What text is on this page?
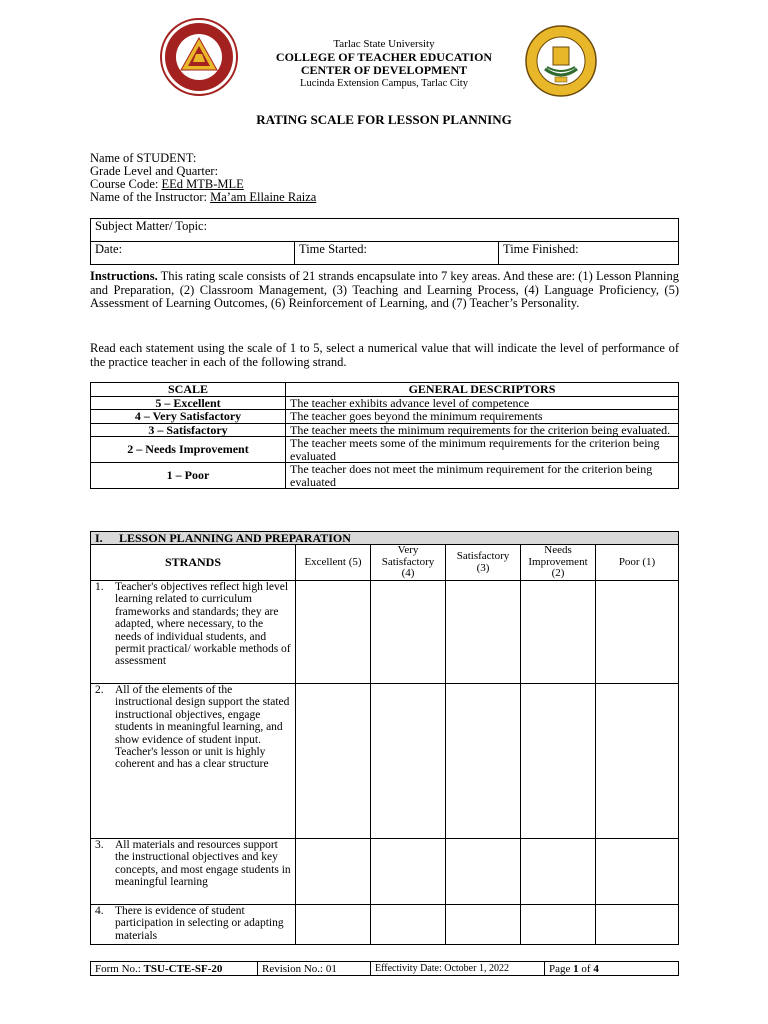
Tarlac State University
COLLEGE OF TEACHER EDUCATION
CENTER OF DEVELOPMENT
Lucinda Extension Campus, Tarlac City
RATING SCALE FOR LESSON PLANNING
Name of STUDENT:
Grade Level and Quarter:
Course Code: EEd MTB-MLE
Name of the Instructor: Ma’am Ellaine Raiza
Subject Matter/ Topic:
Date:	Time Started:	Time Finished:
Instructions. This rating scale consists of 21 strands encapsulate into 7 key areas. And these are: (1) Lesson Planning and Preparation, (2) Classroom Management, (3) Teaching and Learning Process, (4) Language Proficiency, (5) Assessment of Learning Outcomes, (6) Reinforcement of Learning, and (7) Teacher’s Personality.
Read each statement using the scale of 1 to 5, select a numerical value that will indicate the level of performance of the practice teacher in each of the following strand.
SCALE	GENERAL DESCRIPTORS
5 – Excellent	The teacher exhibits advance level of competence
4 – Very Satisfactory	The teacher goes beyond the minimum requirements
3 – Satisfactory	The teacher meets the minimum requirements for the criterion being evaluated.
2 – Needs Improvement	The teacher meets some of the minimum requirements for the criterion being evaluated
1 – Poor	The teacher does not meet the minimum requirement for the criterion being evaluated
I. LESSON PLANNING AND PREPARATION					
STRANDS	Excellent (5)	Very Satisfactory (4)	Satisfactory (3)	Needs Improvement (2)	Poor (1)

1. Teacher's objectives reflect high level learning related to curriculum frameworks and standards; they are adapted, where necessary, to the needs of individual students, and permit practical/ workable methods of assessment					

2. All of the elements of the instructional design support the stated instructional objectives, engage students in meaningful learning, and show evidence of student input. Teacher's lesson or unit is highly coherent and has a clear structure					

3. All materials and resources support the instructional objectives and key concepts, and most engage students in meaningful learning					

4. There is evidence of student participation in selecting or adapting materials					

Form No.: TSU-CTE-SF-20	Revision No.: 01	Effectivity Date: October 1, 2022	Page 1 of 4
